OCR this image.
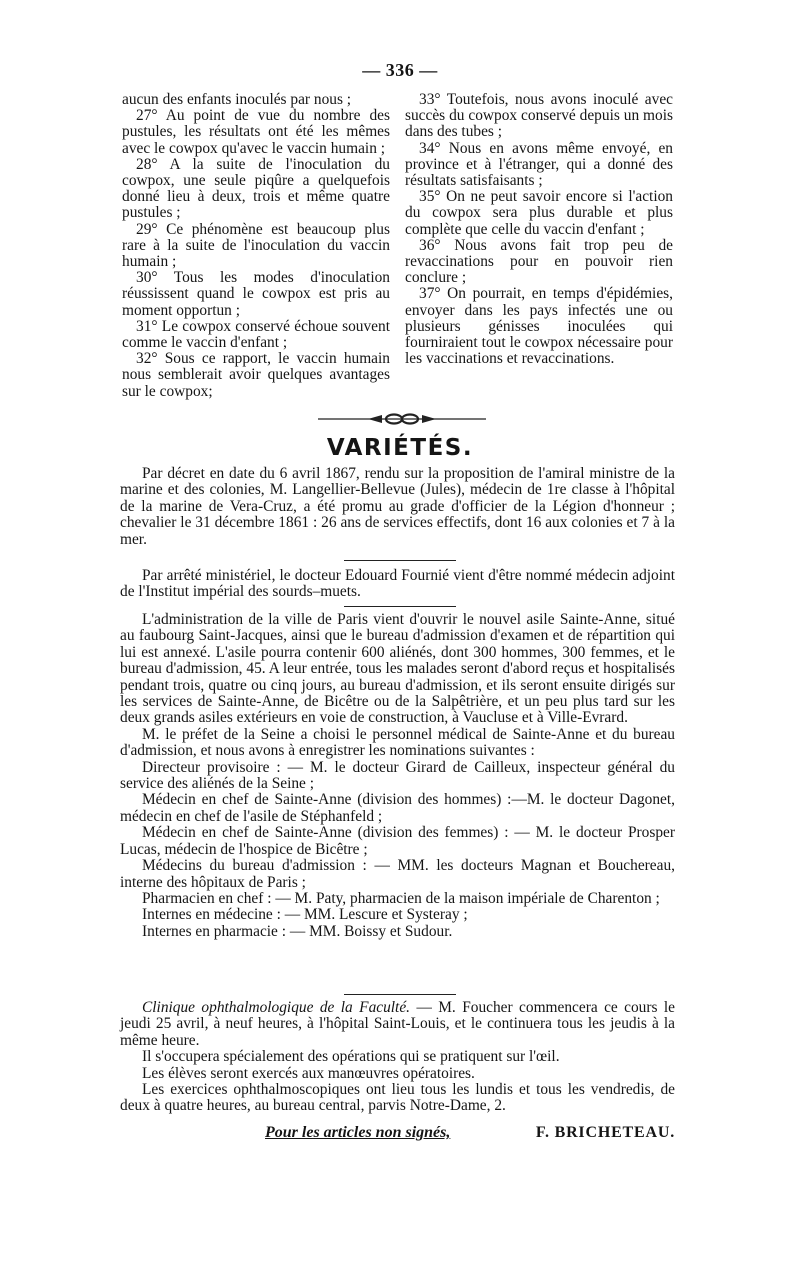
— 336 —

aucun des enfants inoculés par nous ;

27° Au point de vue du nombre des pustules, les résultats ont été les mêmes avec le cowpox qu'avec le vaccin humain ;

28° A la suite de l'inoculation du cowpox, une seule piqûre a quelquefois donné lieu à deux, trois et même quatre pustules ;

29° Ce phénomène est beaucoup plus rare à la suite de l'inoculation du vaccin humain ;

30° Tous les modes d'inoculation réussissent quand le cowpox est pris au moment opportun ;

31° Le cowpox conservé échoue souvent comme le vaccin d'enfant ;

32° Sous ce rapport, le vaccin humain nous semblerait avoir quelques avantages sur le cowpox;

33° Toutefois, nous avons inoculé avec succès du cowpox conservé depuis un mois dans des tubes ;

34° Nous en avons même envoyé, en province et à l'étranger, qui a donné des résultats satisfaisants ;

35° On ne peut savoir encore si l'action du cowpox sera plus durable et plus complète que celle du vaccin d'enfant ;

36° Nous avons fait trop peu de revaccinations pour en pouvoir rien conclure ;

37° On pourrait, en temps d'épidémies, envoyer dans les pays infectés une ou plusieurs génisses inoculées qui fourniraient tout le cowpox nécessaire pour les vaccinations et revaccinations.

VARIÉTÉS.

Par décret en date du 6 avril 1867, rendu sur la proposition de l'amiral ministre de la marine et des colonies, M. Langellier-Bellevue (Jules), médecin de 1re classe à l'hôpital de la marine de Vera-Cruz, a été promu au grade d'officier de la Légion d'honneur ; chevalier le 31 décembre 1861 : 26 ans de services effectifs, dont 16 aux colonies et 7 à la mer.

Par arrêté ministériel, le docteur Edouard Fournié vient d'être nommé médecin adjoint de l'Institut impérial des sourds–muets.

L'administration de la ville de Paris vient d'ouvrir le nouvel asile Sainte-Anne, situé au faubourg Saint-Jacques, ainsi que le bureau d'admission d'examen et de répartition qui lui est annexé. L'asile pourra contenir 600 aliénés, dont 300 hommes, 300 femmes, et le bureau d'admission, 45. A leur entrée, tous les malades seront d'abord reçus et hospitalisés pendant trois, quatre ou cinq jours, au bureau d'admission, et ils seront ensuite dirigés sur les services de Sainte-Anne, de Bicêtre ou de la Salpêtrière, et un peu plus tard sur les deux grands asiles extérieurs en voie de construction, à Vaucluse et à Ville-Evrard.

M. le préfet de la Seine a choisi le personnel médical de Sainte-Anne et du bureau d'admission, et nous avons à enregistrer les nominations suivantes :

Directeur provisoire : — M. le docteur Girard de Cailleux, inspecteur général du service des aliénés de la Seine ;

Médecin en chef de Sainte-Anne (division des hommes) :—M. le docteur Dagonet, médecin en chef de l'asile de Stéphanfeld ;

Médecin en chef de Sainte-Anne (division des femmes) : — M. le docteur Prosper Lucas, médecin de l'hospice de Bicêtre ;

Médecins du bureau d'admission : — MM. les docteurs Magnan et Bouchereau, interne des hôpitaux de Paris ;

Pharmacien en chef : — M. Paty, pharmacien de la maison impériale de Charenton ;

Internes en médecine : — MM. Lescure et Systeray ;

Internes en pharmacie : — MM. Boissy et Sudour.

Clinique ophthalmologique de la Faculté. — M. Foucher commencera ce cours le jeudi 25 avril, à neuf heures, à l'hôpital Saint-Louis, et le continuera tous les jeudis à la même heure.

Il s'occupera spécialement des opérations qui se pratiquent sur l'œil.

Les élèves seront exercés aux manœuvres opératoires.

Les exercices ophthalmoscopiques ont lieu tous les lundis et tous les vendredis, de deux à quatre heures, au bureau central, parvis Notre-Dame, 2.

Pour les articles non signés,	F. BRICHETEAU.
